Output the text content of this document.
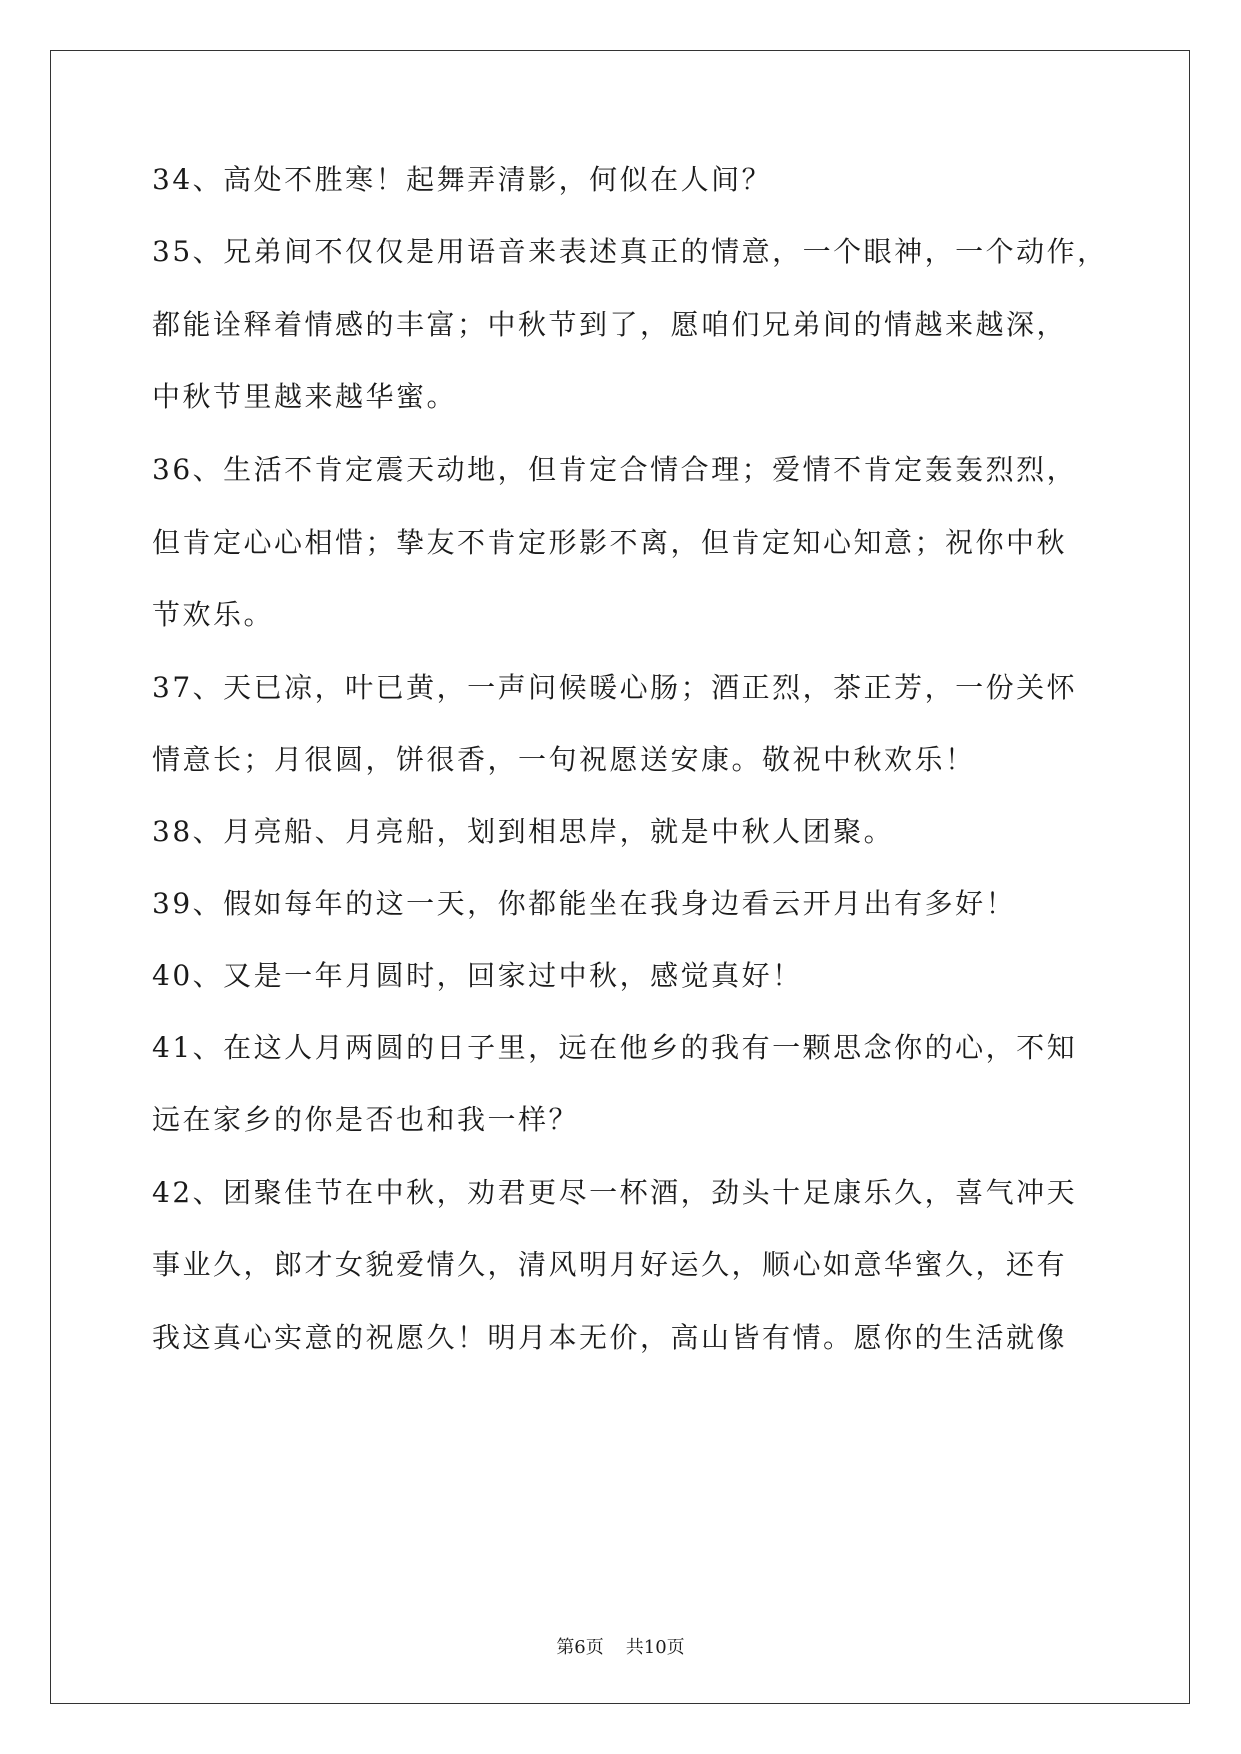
34、高处不胜寒！起舞弄清影，何似在人间？

35、兄弟间不仅仅是用语音来表述真正的情意，一个眼神，一个动作，

都能诠释着情感的丰富；中秋节到了，愿咱们兄弟间的情越来越深，

中秋节里越来越华蜜。

36、生活不肯定震天动地，但肯定合情合理；爱情不肯定轰轰烈烈，

但肯定心心相惜；挚友不肯定形影不离，但肯定知心知意；祝你中秋

节欢乐。

37、天已凉，叶已黄，一声问候暖心肠；酒正烈，茶正芳，一份关怀

情意长；月很圆，饼很香，一句祝愿送安康。敬祝中秋欢乐！

38、月亮船、月亮船，划到相思岸，就是中秋人团聚。

39、假如每年的这一天，你都能坐在我身边看云开月出有多好！

40、又是一年月圆时，回家过中秋，感觉真好！

41、在这人月两圆的日子里，远在他乡的我有一颗思念你的心，不知

远在家乡的你是否也和我一样？

42、团聚佳节在中秋，劝君更尽一杯酒，劲头十足康乐久，喜气冲天

事业久，郎才女貌爱情久，清风明月好运久，顺心如意华蜜久，还有

我这真心实意的祝愿久！明月本无价，高山皆有情。愿你的生活就像

第6页 共10页
